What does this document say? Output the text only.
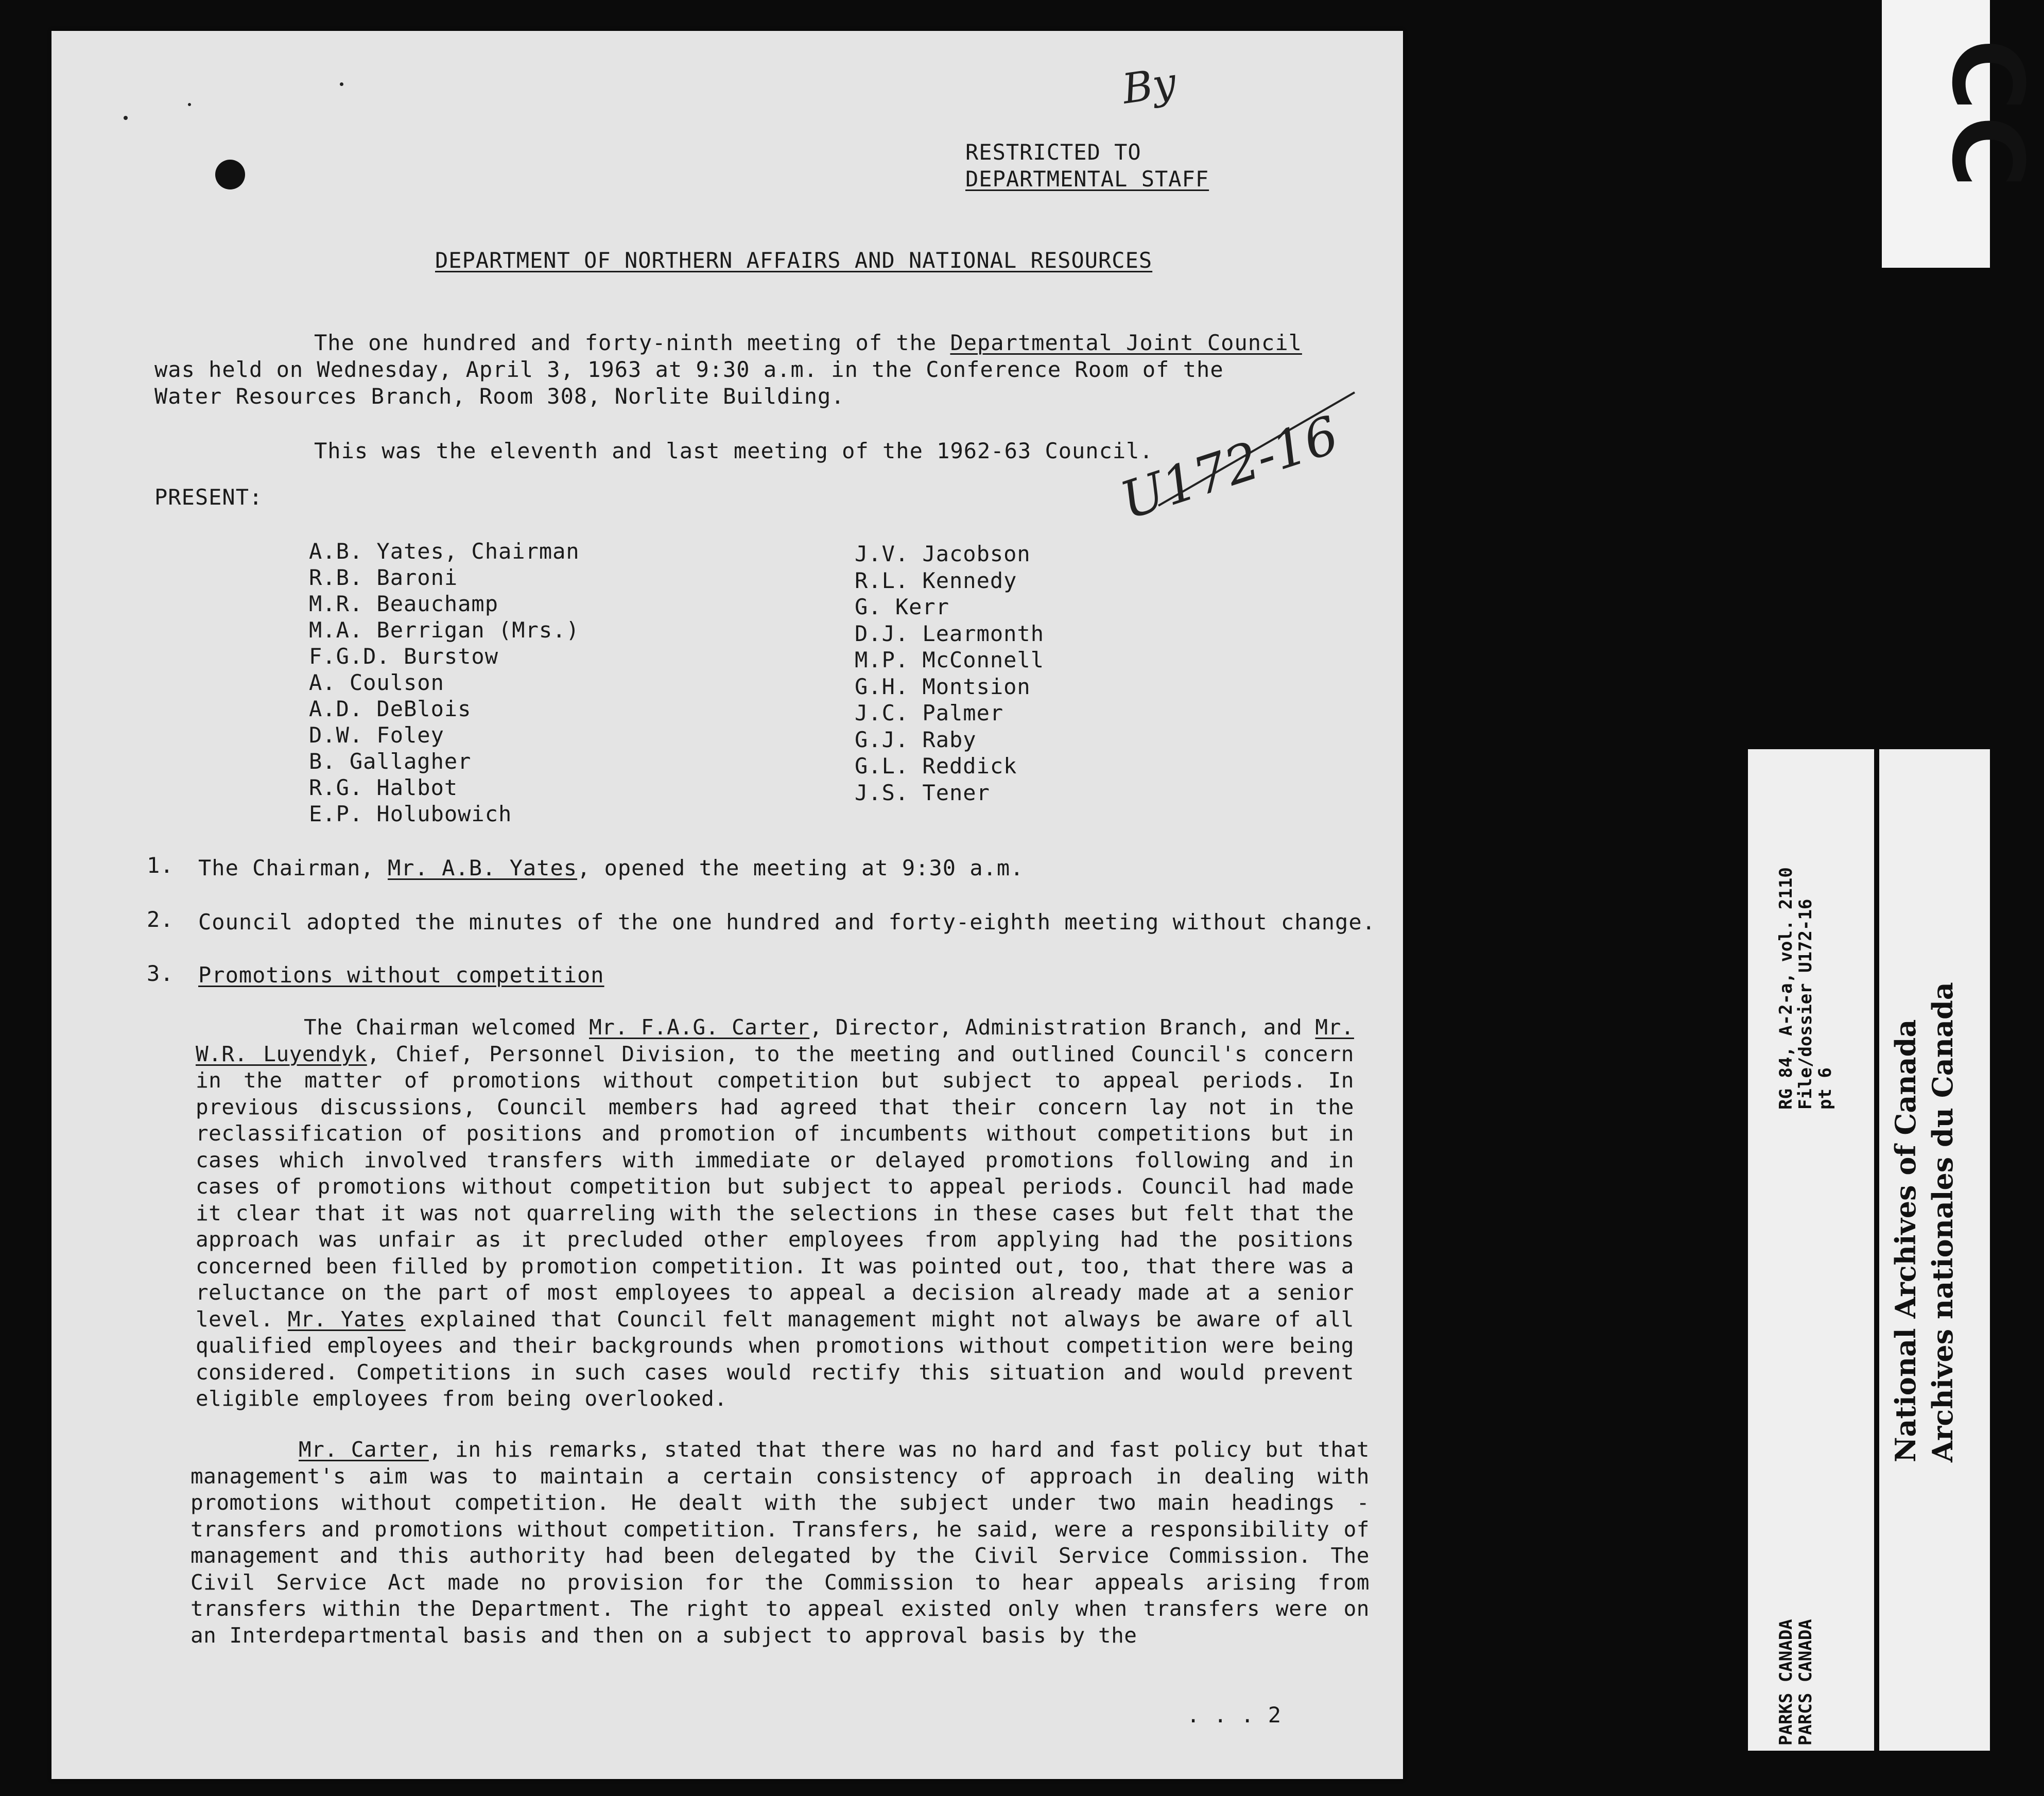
By
RESTRICTED TO
DEPARTMENTAL STAFF
DEPARTMENT OF NORTHERN AFFAIRS AND NATIONAL RESOURCES
The one hundred and forty-ninth meeting of the Departmental Joint Council
was held on Wednesday, April 3, 1963 at 9:30 a.m. in the Conference Room of the
Water Resources Branch, Room 308, Norlite Building.
This was the eleventh and last meeting of the 1962-63 Council.
U172-16
PRESENT:
A.B. Yates, Chairman
R.B. Baroni
M.R. Beauchamp
M.A. Berrigan (Mrs.)
F.G.D. Burstow
A. Coulson
A.D. DeBlois
D.W. Foley
B. Gallagher
R.G. Halbot
E.P. Holubowich
J.V. Jacobson
R.L. Kennedy
G. Kerr
D.J. Learmonth
M.P. McConnell
G.H. Montsion
J.C. Palmer
G.J. Raby
G.L. Reddick
J.S. Tener
1. The Chairman, Mr. A.B. Yates, opened the meeting at 9:30 a.m.
2. Council adopted the minutes of the one hundred and forty-eighth meeting without change.
3. Promotions without competition

The Chairman welcomed Mr. F.A.G. Carter, Director, Administration Branch, and Mr. W.R. Luyendyk, Chief, Personnel Division, to the meeting and outlined Council's concern in the matter of promotions without competition but subject to appeal periods. In previous discussions, Council members had agreed that their concern lay not in the reclassification of positions and promotion of incumbents without competitions but in cases which involved transfers with immediate or delayed promotions following and in cases of promotions without competition but subject to appeal periods. Council had made it clear that it was not quarreling with the selections in these cases but felt that the approach was unfair as it precluded other employees from applying had the positions concerned been filled by promotion competition. It was pointed out, too, that there was a reluctance on the part of most employees to appeal a decision already made at a senior level. Mr. Yates explained that Council felt management might not always be aware of all qualified employees and their backgrounds when promotions without competition were being considered. Competitions in such cases would rectify this situation and would prevent eligible employees from being overlooked.

Mr. Carter, in his remarks, stated that there was no hard and fast policy but that management's aim was to maintain a certain consistency of approach in dealing with promotions without competition. He dealt with the subject under two main headings - transfers and promotions without competition. Transfers, he said, were a responsibility of management and this authority had been delegated by the Civil Service Commission. The Civil Service Act made no provision for the Commission to hear appeals arising from transfers within the Department. The right to appeal existed only when transfers were on an Interdepartmental basis and then on a subject to approval basis by the

. . . 2
CC
RG 84, A-2-a, vol. 2110
File/dossier U172-16
pt 6
PARKS CANADA
PARCS CANADA
National Archives of Canada Archives nationales du Canada
